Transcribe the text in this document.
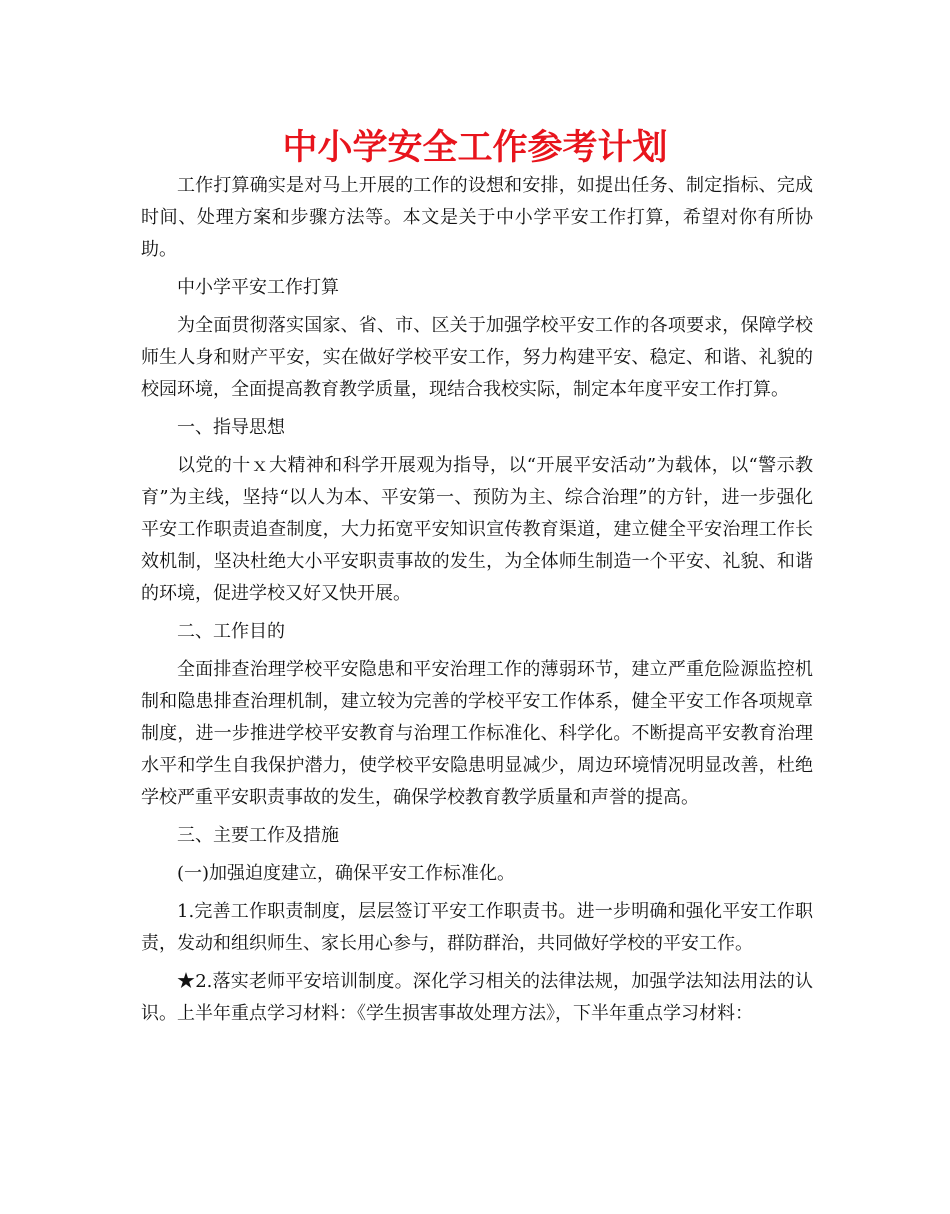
中小学安全工作参考计划

工作打算确实是对马上开展的工作的设想和安排，如提出任务、制定指标、完成时间、处理方案和步骤方法等。本文是关于中小学平安工作打算，希望对你有所协助。

中小学平安工作打算

为全面贯彻落实国家、省、市、区关于加强学校平安工作的各项要求，保障学校师生人身和财产平安，实在做好学校平安工作，努力构建平安、稳定、和谐、礼貌的校园环境，全面提高教育教学质量，现结合我校实际，制定本年度平安工作打算。

一、指导思想

以党的十ｘ大精神和科学开展观为指导，以“开展平安活动”为载体，以“警示教育”为主线，坚持“以人为本、平安第一、预防为主、综合治理”的方针，进一步强化平安工作职责追查制度，大力拓宽平安知识宣传教育渠道，建立健全平安治理工作长效机制，坚决杜绝大小平安职责事故的发生，为全体师生制造一个平安、礼貌、和谐的环境，促进学校又好又快开展。

二、工作目的

全面排查治理学校平安隐患和平安治理工作的薄弱环节，建立严重危险源监控机制和隐患排查治理机制，建立较为完善的学校平安工作体系，健全平安工作各项规章制度，进一步推进学校平安教育与治理工作标准化、科学化。不断提高平安教育治理水平和学生自我保护潜力，使学校平安隐患明显减少，周边环境情况明显改善，杜绝学校严重平安职责事故的发生，确保学校教育教学质量和声誉的提高。

三、主要工作及措施

(一)加强迫度建立，确保平安工作标准化。

1.完善工作职责制度，层层签订平安工作职责书。进一步明确和强化平安工作职责，发动和组织师生、家长用心参与，群防群治，共同做好学校的平安工作。

★2.落实老师平安培训制度。深化学习相关的法律法规，加强学法知法用法的认识。上半年重点学习材料：《学生损害事故处理方法》，下半年重点学习材料：
